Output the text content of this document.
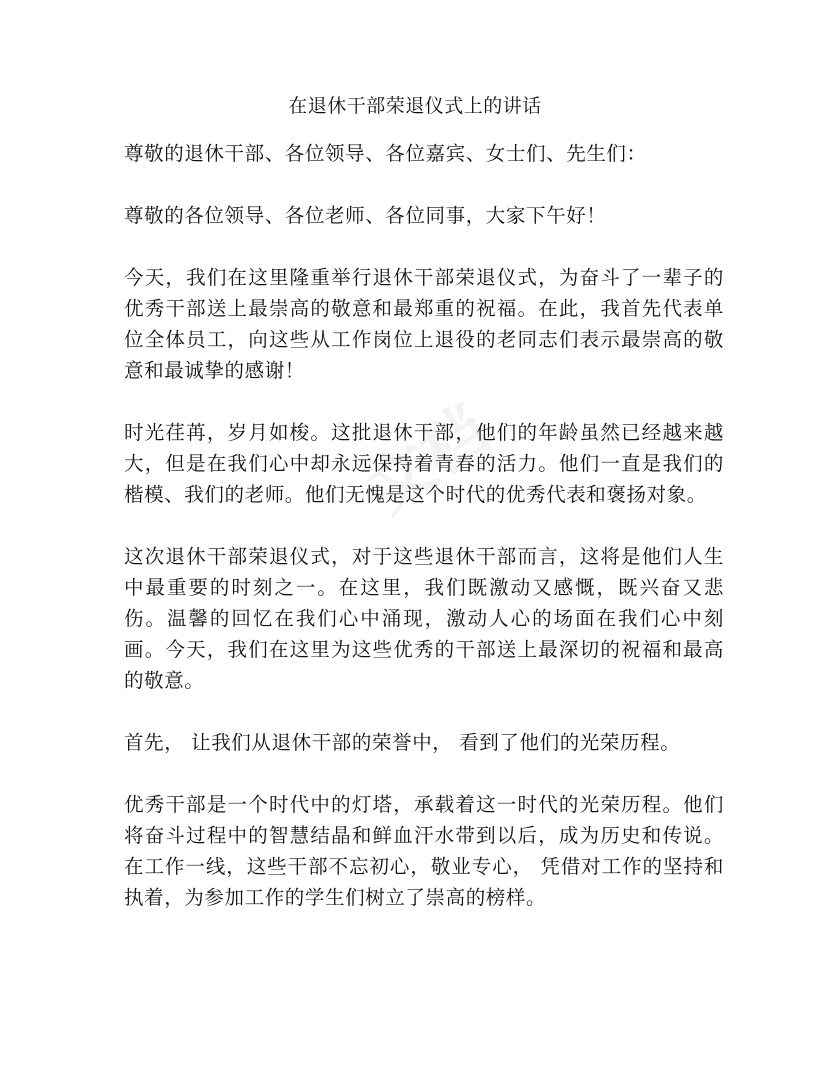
文档
在退休干部荣退仪式上的讲话

尊敬的退休干部、各位领导、各位嘉宾、女士们、先生们：

尊敬的各位领导、各位老师、各位同事，大家下午好！

今天，我们在这里隆重举行退休干部荣退仪式，为奋斗了一辈子的优秀干部送上最崇高的敬意和最郑重的祝福。在此，我首先代表单位全体员工，向这些从工作岗位上退役的老同志们表示最崇高的敬意和最诚挚的感谢！

时光荏苒，岁月如梭。这批退休干部，他们的年龄虽然已经越来越大，但是在我们心中却永远保持着青春的活力。他们一直是我们的楷模、我们的老师。他们无愧是这个时代的优秀代表和褒扬对象。

这次退休干部荣退仪式，对于这些退休干部而言，这将是他们人生中最重要的时刻之一。在这里，我们既激动又感慨，既兴奋又悲伤。温馨的回忆在我们心中涌现，激动人心的场面在我们心中刻画。今天，我们在这里为这些优秀的干部送上最深切的祝福和最高的敬意。

首先， 让我们从退休干部的荣誉中， 看到了他们的光荣历程。

优秀干部是一个时代中的灯塔，承载着这一时代的光荣历程。他们将奋斗过程中的智慧结晶和鲜血汗水带到以后，成为历史和传说。在工作一线，这些干部不忘初心，敬业专心， 凭借对工作的坚持和执着，为参加工作的学生们树立了崇高的榜样。
